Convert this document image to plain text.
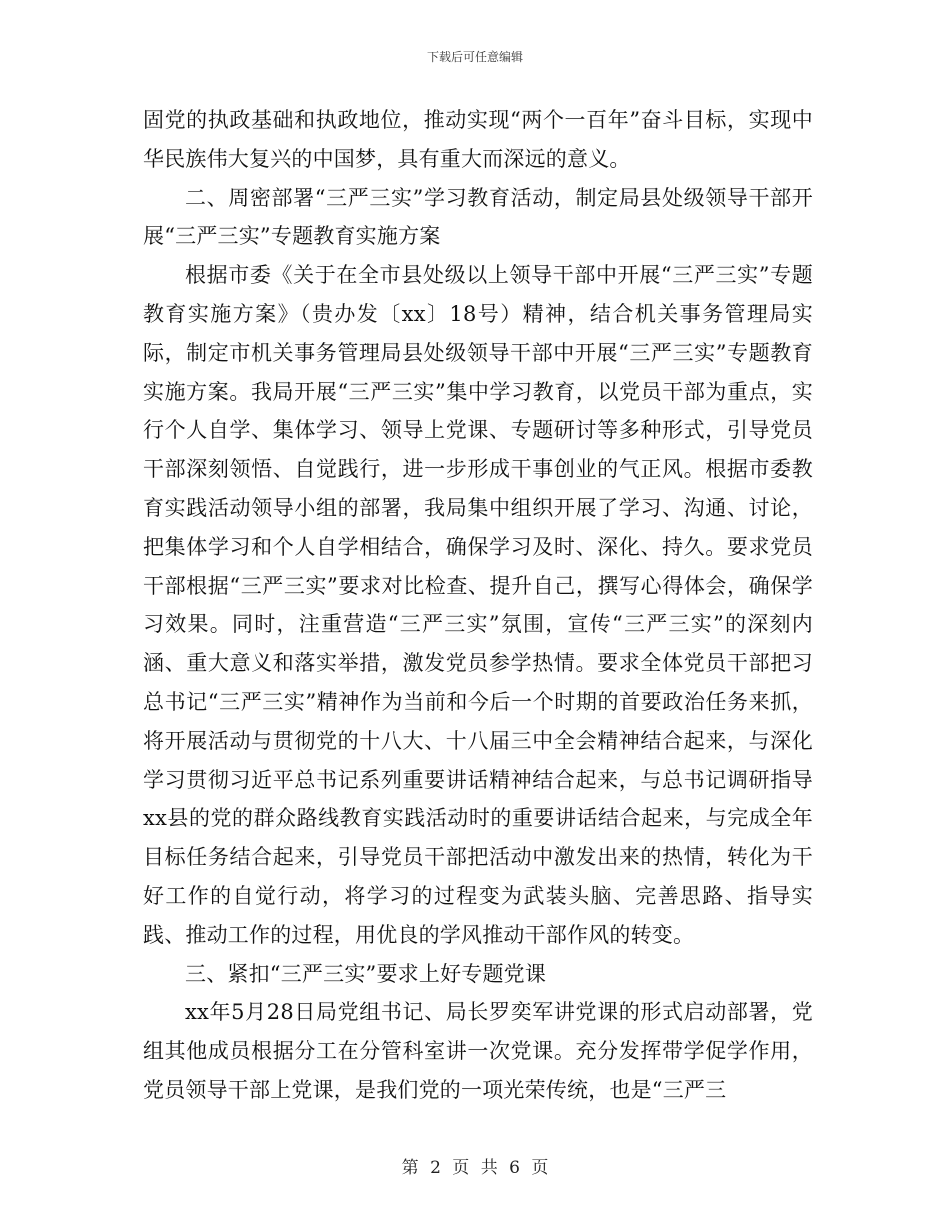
下载后可任意编辑

固党的执政基础和执政地位，推动实现“两个一百年”奋斗目标，实现中华民族伟大复兴的中国梦，具有重大而深远的意义。

二、周密部署“三严三实”学习教育活动，制定局县处级领导干部开展“三严三实”专题教育实施方案

根据市委《关于在全市县处级以上领导干部中开展“三严三实”专题教育实施方案》（贵办发〔xx〕18号）精神，结合机关事务管理局实际，制定市机关事务管理局县处级领导干部中开展“三严三实”专题教育实施方案。我局开展“三严三实”集中学习教育，以党员干部为重点，实行个人自学、集体学习、领导上党课、专题研讨等多种形式，引导党员干部深刻领悟、自觉践行，进一步形成干事创业的气正风。根据市委教育实践活动领导小组的部署，我局集中组织开展了学习、沟通、讨论，把集体学习和个人自学相结合，确保学习及时、深化、持久。要求党员干部根据“三严三实”要求对比检查、提升自己，撰写心得体会，确保学习效果。同时，注重营造“三严三实”氛围，宣传“三严三实”的深刻内涵、重大意义和落实举措，激发党员参学热情。要求全体党员干部把习总书记“三严三实”精神作为当前和今后一个时期的首要政治任务来抓，将开展活动与贯彻党的十八大、十八届三中全会精神结合起来，与深化学习贯彻习近平总书记系列重要讲话精神结合起来，与总书记调研指导xx县的党的群众路线教育实践活动时的重要讲话结合起来，与完成全年目标任务结合起来，引导党员干部把活动中激发出来的热情，转化为干好工作的自觉行动，将学习的过程变为武装头脑、完善思路、指导实践、推动工作的过程，用优良的学风推动干部作风的转变。

三、紧扣“三严三实”要求上好专题党课

xx年5月28日局党组书记、局长罗奕军讲党课的形式启动部署，党组其他成员根据分工在分管科室讲一次党课。充分发挥带学促学作用，党员领导干部上党课，是我们党的一项光荣传统，也是“三严三

第 2 页 共 6 页
